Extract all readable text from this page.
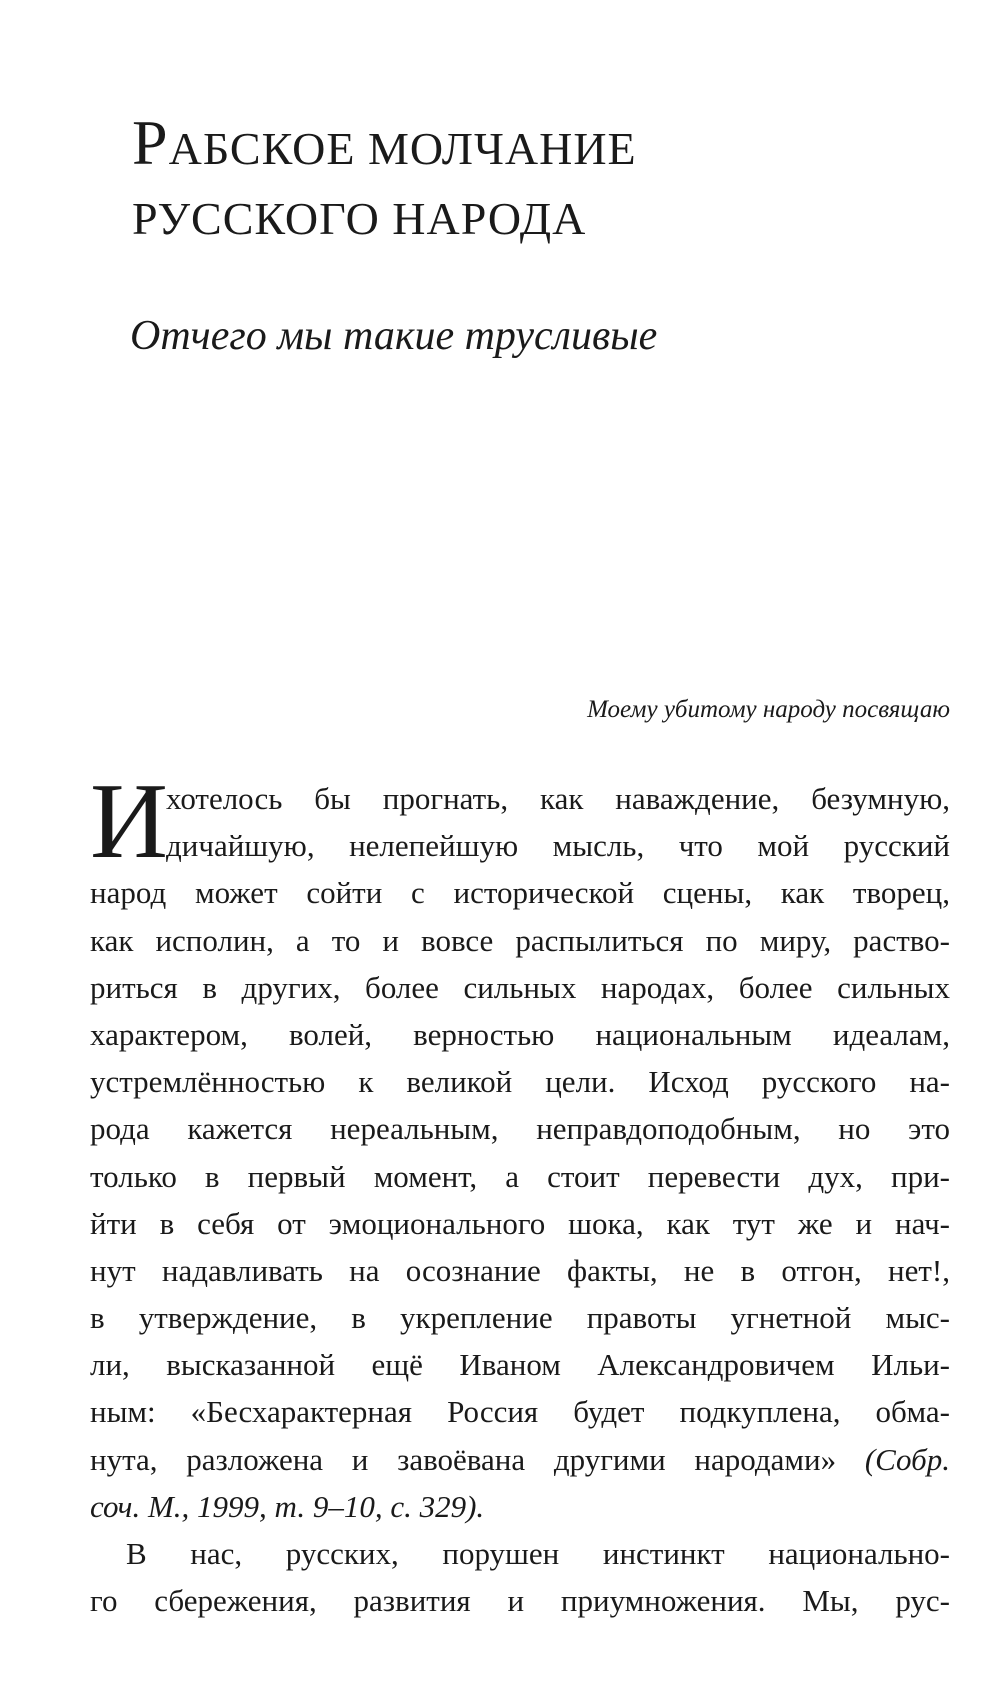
РАБСКОЕ МОЛЧАНИЕ
РУССКОГО НАРОДА
Отчего мы такие трусливые

Моему убитому народу посвящаю

И
хотелось бы прогнать, как наваждение, безумную,
дичайшую, нелепейшую мысль, что мой русский
народ может сойти с исторической сцены, как творец,
как исполин, а то и вовсе распылиться по миру, раство-
риться в других, более сильных народах, более сильных
характером, волей, верностью национальным идеалам,
устремлённостью к великой цели. Исход русского на-
рода кажется нереальным, неправдоподобным, но это
только в первый момент, а стоит перевести дух, при-
йти в себя от эмоционального шока, как тут же и нач-
нут надавливать на осознание факты, не в отгон, нет!,
в утверждение, в укрепление правоты угнетной мыс-
ли, высказанной ещё Иваном Александровичем Ильи-
ным: «Бесхарактерная Россия будет подкуплена, обма-
нута, разложена и завоёвана другими народами» (Собр.
соч. М., 1999, т. 9–10, с. 329).
В нас, русских, порушен инстинкт национально-
го сбережения, развития и приумножения. Мы, рус-
